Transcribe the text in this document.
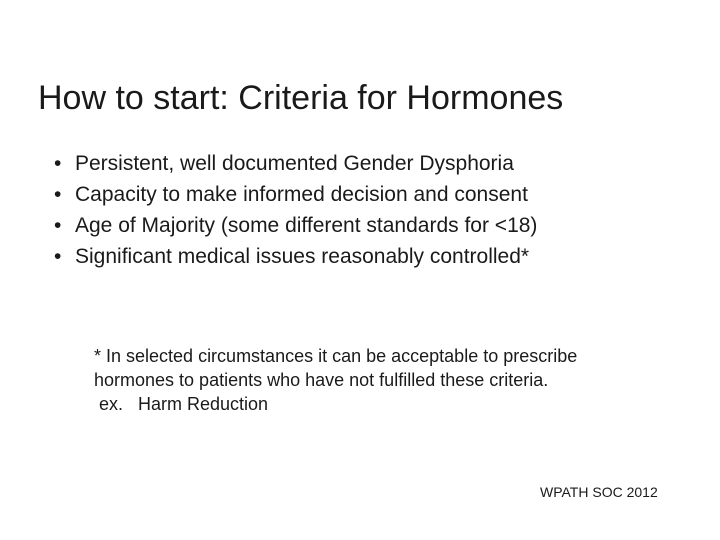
How to start: Criteria for Hormones
• Persistent, well documented Gender Dysphoria
• Capacity to make informed decision and consent
• Age of Majority (some different standards for <18)
• Significant medical issues reasonably controlled*
* In selected circumstances it can be acceptable to prescribe
hormones to patients who have not fulfilled these criteria.
ex.   Harm Reduction
WPATH SOC 2012
